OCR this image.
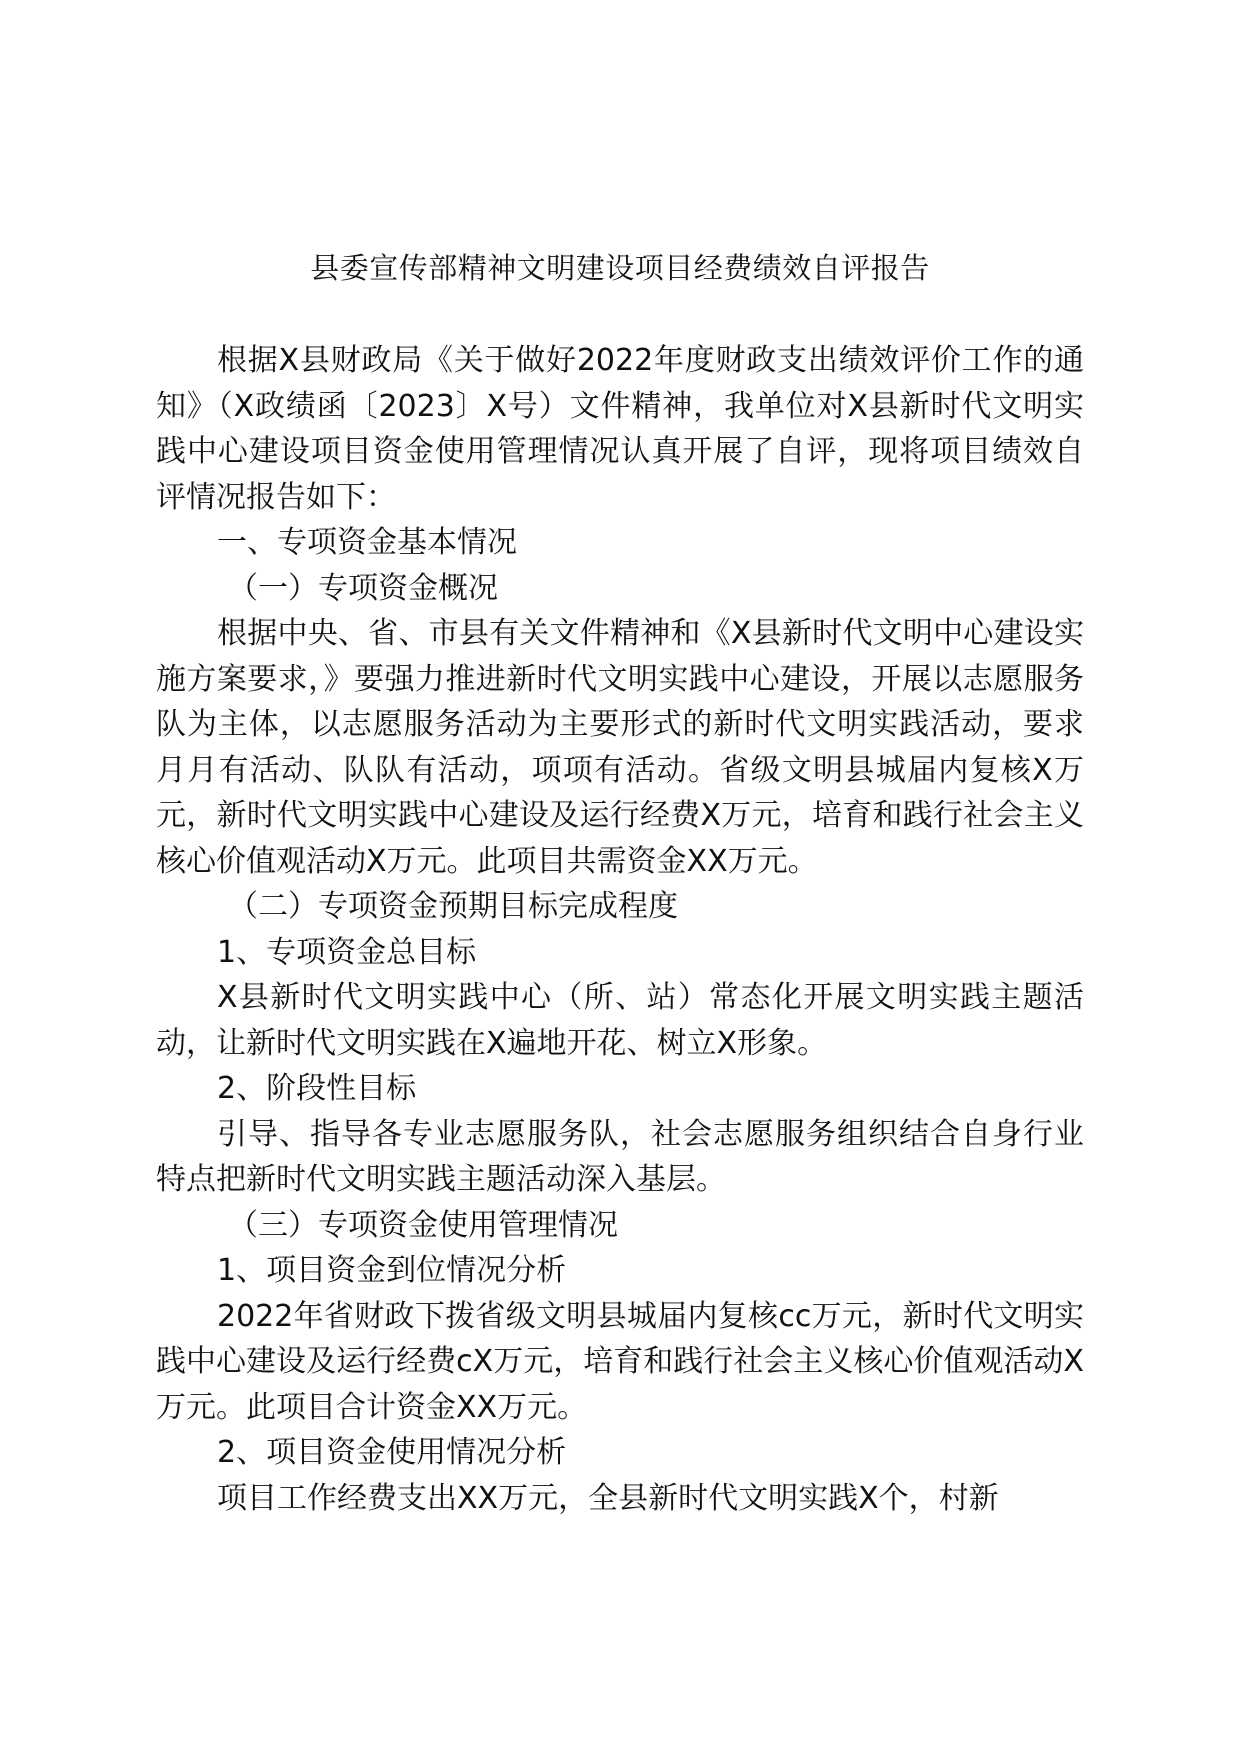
县委宣传部精神文明建设项目经费绩效自评报告

根据X县财政局《关于做好2022年度财政支出绩效评价工作的通知》（X政绩函〔2023〕X号）文件精神，我单位对X县新时代文明实践中心建设项目资金使用管理情况认真开展了自评，现将项目绩效自评情况报告如下：

一、专项资金基本情况

（一）专项资金概况

根据中央、省、市县有关文件精神和《X县新时代文明中心建设实施方案要求，》要强力推进新时代文明实践中心建设，开展以志愿服务队为主体，以志愿服务活动为主要形式的新时代文明实践活动，要求月月有活动、队队有活动，项项有活动。省级文明县城届内复核X万元，新时代文明实践中心建设及运行经费X万元，培育和践行社会主义核心价值观活动X万元。此项目共需资金XX万元。

（二）专项资金预期目标完成程度

1、专项资金总目标

X县新时代文明实践中心（所、站）常态化开展文明实践主题活动，让新时代文明实践在X遍地开花、树立X形象。

2、阶段性目标

引导、指导各专业志愿服务队，社会志愿服务组织结合自身行业特点把新时代文明实践主题活动深入基层。

（三）专项资金使用管理情况

1、项目资金到位情况分析

2022年省财政下拨省级文明县城届内复核cc万元，新时代文明实践中心建设及运行经费cX万元，培育和践行社会主义核心价值观活动X万元。此项目合计资金XX万元。

2、项目资金使用情况分析

项目工作经费支出XX万元，全县新时代文明实践X个，村新
